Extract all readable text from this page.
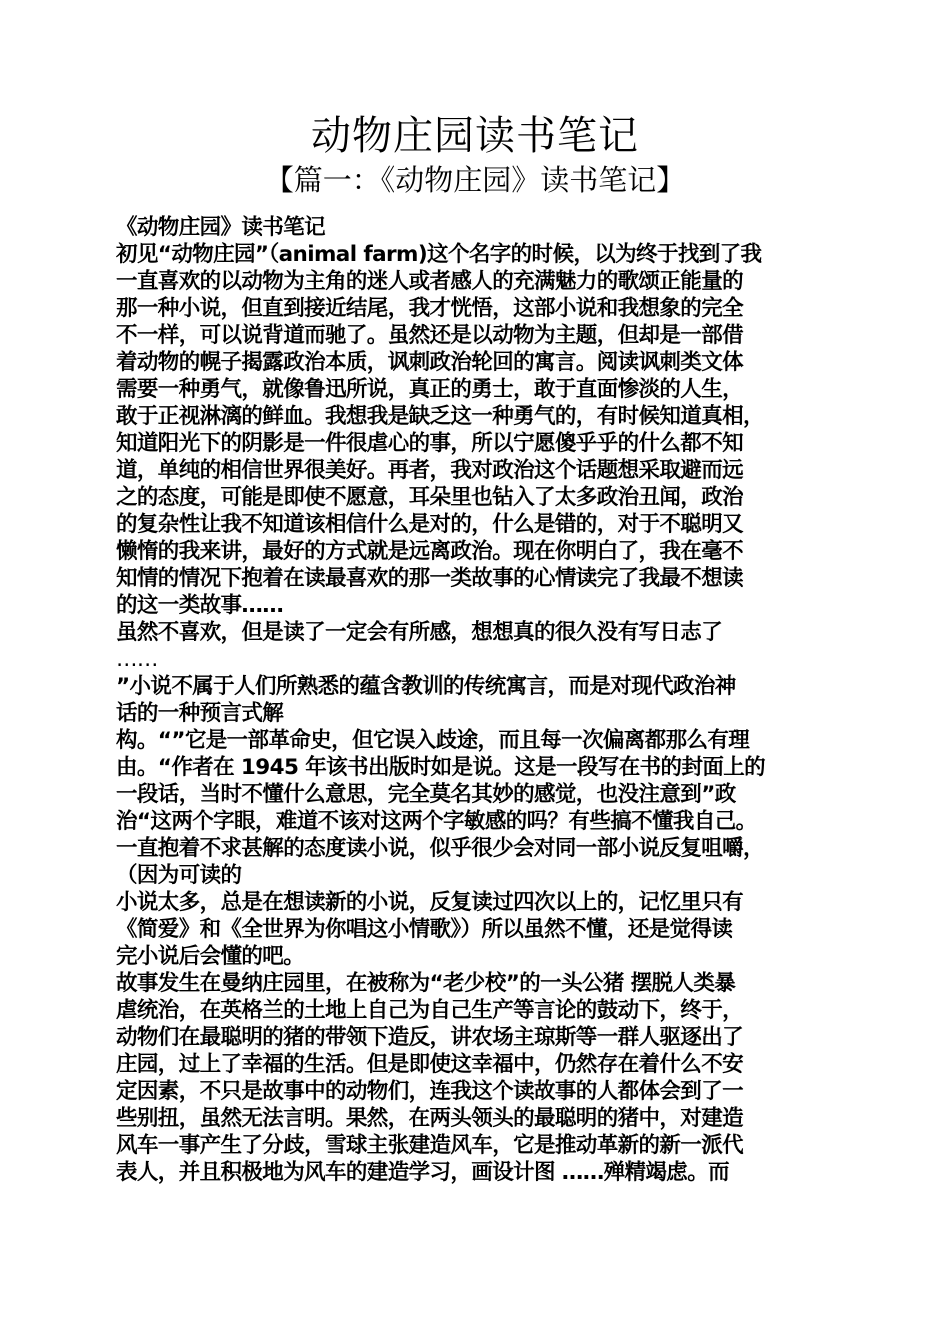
动物庄园读书笔记
【篇一：《动物庄园》读书笔记】
《动物庄园》读书笔记
初见“动物庄园”（animal farm)这个名字的时候，以为终于找到了我
一直喜欢的以动物为主角的迷人或者感人的充满魅力的歌颂正能量的
那一种小说，但直到接近结尾，我才恍悟，这部小说和我想象的完全
不一样，可以说背道而驰了。虽然还是以动物为主题，但却是一部借
着动物的幌子揭露政治本质，讽刺政治轮回的寓言。阅读讽刺类文体
需要一种勇气，就像鲁迅所说，真正的勇士，敢于直面惨淡的人生，
敢于正视淋漓的鲜血。我想我是缺乏这一种勇气的，有时候知道真相，
知道阳光下的阴影是一件很虐心的事，所以宁愿傻乎乎的什么都不知
道，单纯的相信世界很美好。再者，我对政治这个话题想采取避而远
之的态度，可能是即使不愿意，耳朵里也钻入了太多政治丑闻，政治
的复杂性让我不知道该相信什么是对的，什么是错的，对于不聪明又
懒惰的我来讲，最好的方式就是远离政治。现在你明白了，我在毫不
知情的情况下抱着在读最喜欢的那一类故事的心情读完了我最不想读
的这一类故事……
虽然不喜欢，但是读了一定会有所感，想想真的很久没有写日志了
……
”小说不属于人们所熟悉的蕴含教训的传统寓言，而是对现代政治神
话的一种预言式解
构。“”它是一部革命史，但它误入歧途，而且每一次偏离都那么有理
由。“作者在 1945 年该书出版时如是说。这是一段写在书的封面上的
一段话，当时不懂什么意思，完全莫名其妙的感觉，也没注意到”政
治“这两个字眼，难道不该对这两个字敏感的吗？有些搞不懂我自己。
一直抱着不求甚解的态度读小说，似乎很少会对同一部小说反复咀嚼，
（因为可读的
小说太多，总是在想读新的小说，反复读过四次以上的，记忆里只有
《简爱》和《全世界为你唱这小情歌》）所以虽然不懂，还是觉得读
完小说后会懂的吧。
故事发生在曼纳庄园里，在被称为“老少校”的一头公猪 摆脱人类暴
虐统治，在英格兰的土地上自己为自己生产等言论的鼓动下，终于，
动物们在最聪明的猪的带领下造反，讲农场主琼斯等一群人驱逐出了
庄园，过上了幸福的生活。但是即使这幸福中，仍然存在着什么不安
定因素，不只是故事中的动物们，连我这个读故事的人都体会到了一
些别扭，虽然无法言明。果然，在两头领头的最聪明的猪中，对建造
风车一事产生了分歧，雪球主张建造风车，它是推动革新的新一派代
表人，并且积极地为风车的建造学习，画设计图 ……殚精竭虑。而
